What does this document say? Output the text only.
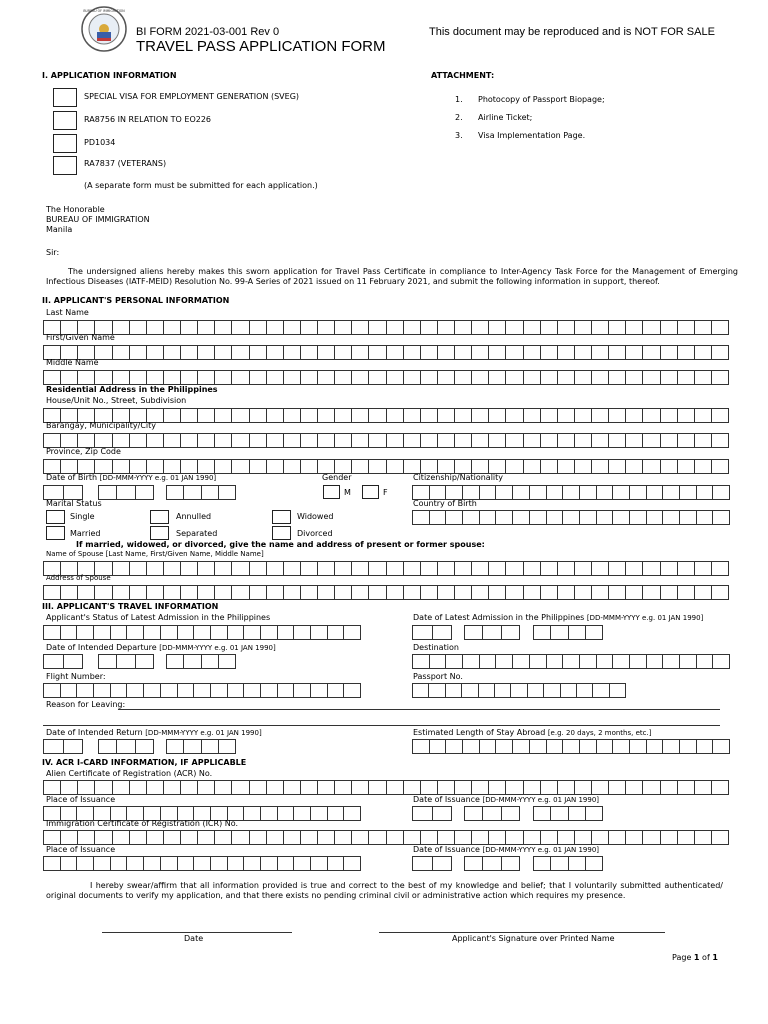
BUREAU OF IMMIGRATION
BI FORM 2021-03-001 Rev 0	This document may be reproduced and is NOT FOR SALE
TRAVEL PASS APPLICATION FORM
I. APPLICATION INFORMATION	ATTACHMENT:
SPECIAL VISA FOR EMPLOYMENT GENERATION (SVEG)
RA8756 IN RELATION TO EO226
PD1034
RA7837 (VETERANS)
(A separate form must be submitted for each application.)
1. Photocopy of Passport Biopage;
2. Airline Ticket;
3. Visa Implementation Page.
The Honorable
BUREAU OF IMMIGRATION
Manila
Sir:
The undersigned aliens hereby makes this sworn application for Travel Pass Certificate in compliance to Inter-Agency Task Force for the Management of Emerging Infectious Diseases (IATF-MEID) Resolution No. 99-A Series of 2021 issued on 11 February 2021, and submit the following information in support, thereof.
II. APPLICANT'S PERSONAL INFORMATION
Last Name
First/Given Name
Middle Name
Residential Address in the Philippines
House/Unit No., Street, Subdivision
Barangay, Municipality/City
Province, Zip Code
Date of Birth [DD-MMM-YYYY e.g. 01 JAN 1990]	Gender	Citizenship/Nationality
M	F
Marital Status	Country of Birth
Single	Annulled	Widowed
Married	Separated	Divorced
If married, widowed, or divorced, give the name and address of present or former spouse:
Name of Spouse [Last Name, First/Given Name, Middle Name]
Address of Spouse
III. APPLICANT'S TRAVEL INFORMATION
Applicant's Status of Latest Admission in the Philippines	Date of Latest Admission in the Philippines [DD-MMM-YYYY e.g. 01 JAN 1990]
Date of Intended Departure [DD-MMM-YYYY e.g. 01 JAN 1990]	Destination
Flight Number:	Passport No.
Reason for Leaving:
Date of Intended Return [DD-MMM-YYYY e.g. 01 JAN 1990]	Estimated Length of Stay Abroad [e.g. 20 days, 2 months, etc.]
IV. ACR I-CARD INFORMATION, IF APPLICABLE
Alien Certificate of Registration (ACR) No.
Place of Issuance	Date of Issuance [DD-MMM-YYYY e.g. 01 JAN 1990]
Immigration Certificate of Registration (ICR) No.
Place of Issuance	Date of Issuance [DD-MMM-YYYY e.g. 01 JAN 1990]
I hereby swear/affirm that all information provided is true and correct to the best of my knowledge and belief; that I voluntarily submitted authenticated/ original documents to verify my application, and that there exists no pending criminal civil or administrative action which requires my presence.
Date	Applicant's Signature over Printed Name
Page 1 of 1
